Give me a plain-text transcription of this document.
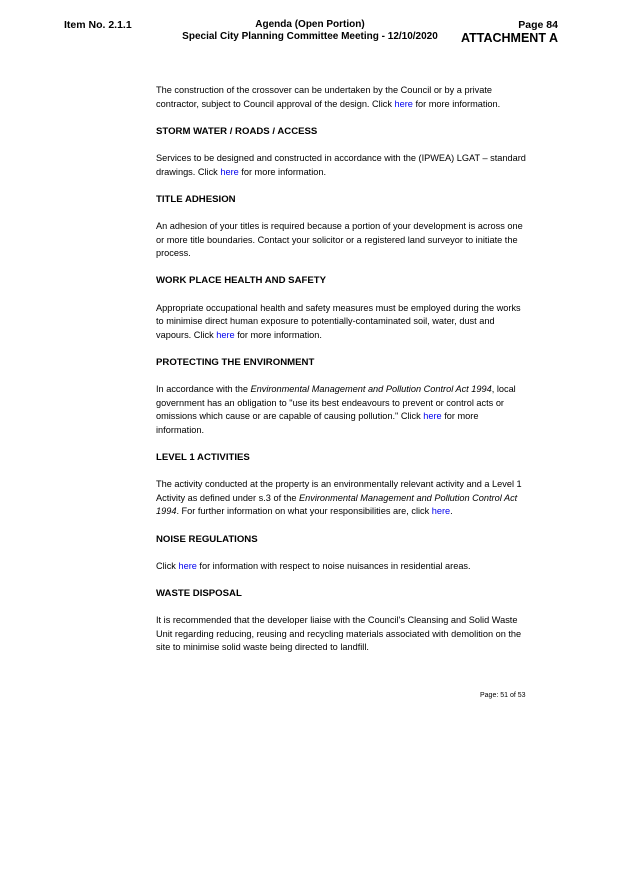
Item No. 2.1.1	Agenda (Open Portion)
Special City Planning Committee Meeting - 12/10/2020
Page 84
ATTACHMENT A

The construction of the crossover can be undertaken by the Council or by a private contractor, subject to Council approval of the design. Click here for more information.

STORM WATER / ROADS / ACCESS

Services to be designed and constructed in accordance with the (IPWEA) LGAT – standard drawings. Click here for more information.

TITLE ADHESION

An adhesion of your titles is required because a portion of your development is across one or more title boundaries. Contact your solicitor or a registered land surveyor to initiate the process.

WORK PLACE HEALTH AND SAFETY

Appropriate occupational health and safety measures must be employed during the works to minimise direct human exposure to potentially-contaminated soil, water, dust and vapours. Click here for more information.

PROTECTING THE ENVIRONMENT

In accordance with the Environmental Management and Pollution Control Act 1994, local government has an obligation to "use its best endeavours to prevent or control acts or omissions which cause or are capable of causing pollution." Click here for more information.

LEVEL 1 ACTIVITIES

The activity conducted at the property is an environmentally relevant activity and a Level 1 Activity as defined under s.3 of the Environmental Management and Pollution Control Act 1994. For further information on what your responsibilities are, click here.

NOISE REGULATIONS

Click here for information with respect to noise nuisances in residential areas.

WASTE DISPOSAL

It is recommended that the developer liaise with the Council's Cleansing and Solid Waste Unit regarding reducing, reusing and recycling materials associated with demolition on the site to minimise solid waste being directed to landfill.

Page: 51 of 53
